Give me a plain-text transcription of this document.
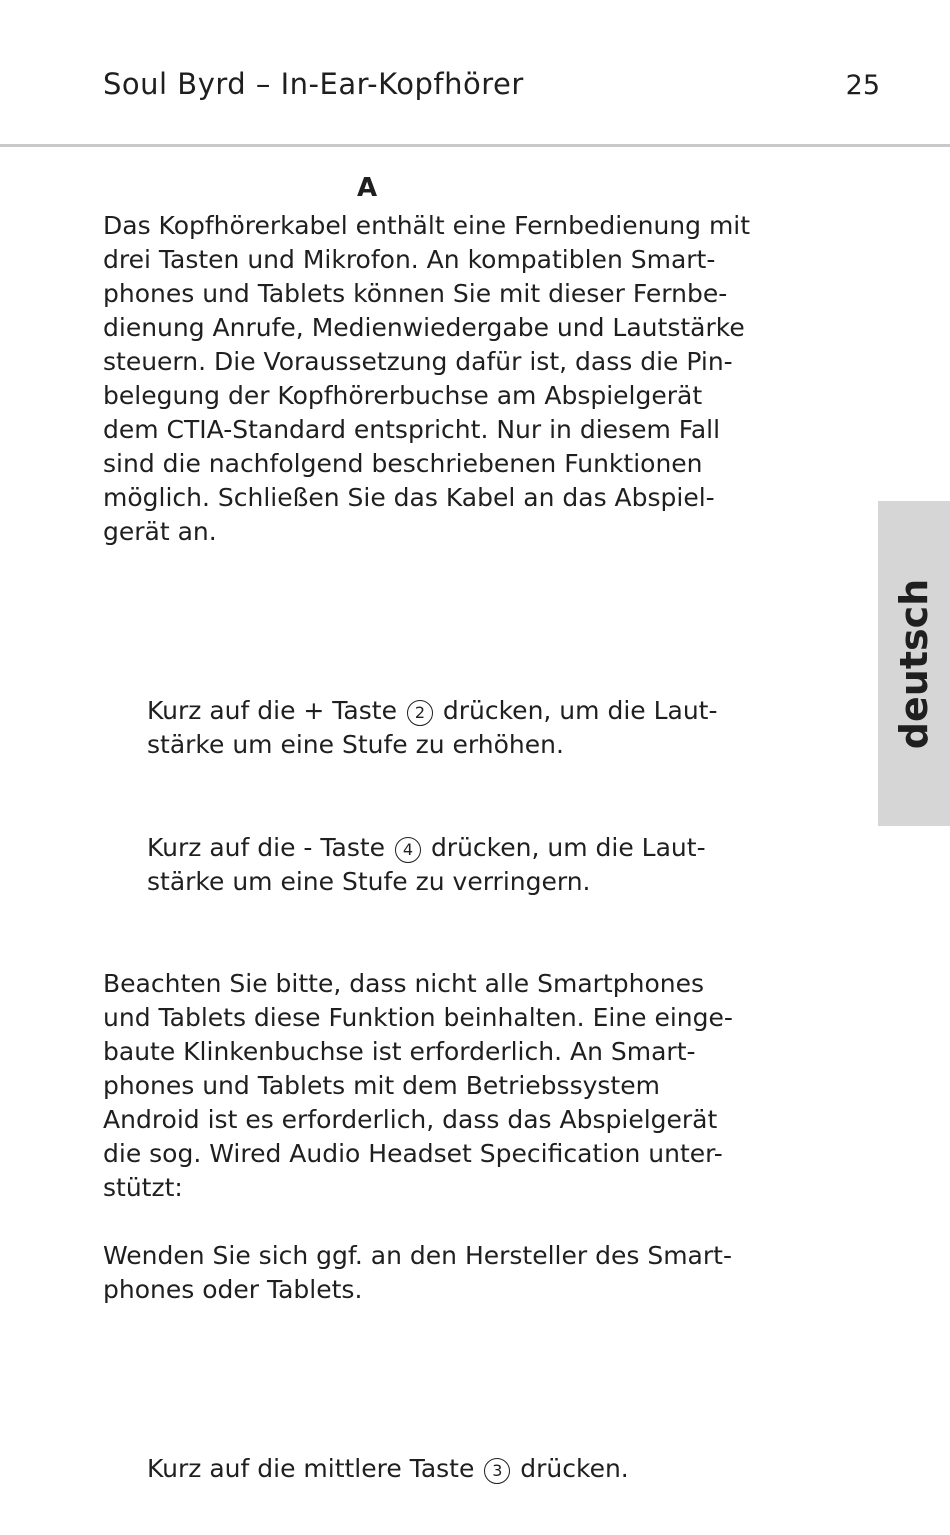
Soul Byrd – In-Ear-Kopfhörer	25
A

Das Kopfhörerkabel enthält eine Fernbedienung mit
drei Tasten und Mikrofon. An kompatiblen Smart-
phones und Tablets können Sie mit dieser Fernbe-
dienung Anrufe, Medienwiedergabe und Lautstärke
steuern. Die Voraussetzung dafür ist, dass die Pin-
belegung der Kopfhörerbuchse am Abspielgerät
dem CTIA-Standard entspricht. Nur in diesem Fall
sind die nachfolgend beschriebenen Funktionen
möglich. Schließen Sie das Kabel an das Abspiel-
gerät an.

Kurz auf die + Taste 2 drücken, um die Laut-
stärke um eine Stufe zu erhöhen.

Kurz auf die - Taste 4 drücken, um die Laut-
stärke um eine Stufe zu verringern.

Beachten Sie bitte, dass nicht alle Smartphones
und Tablets diese Funktion beinhalten. Eine einge-
baute Klinkenbuchse ist erforderlich. An Smart-
phones und Tablets mit dem Betriebssystem
Android ist es erforderlich, dass das Abspielgerät
die sog. Wired Audio Headset Specification unter-
stützt:

Wenden Sie sich ggf. an den Hersteller des Smart-
phones oder Tablets.

Kurz auf die mittlere Taste 3 drücken.

deutsch
